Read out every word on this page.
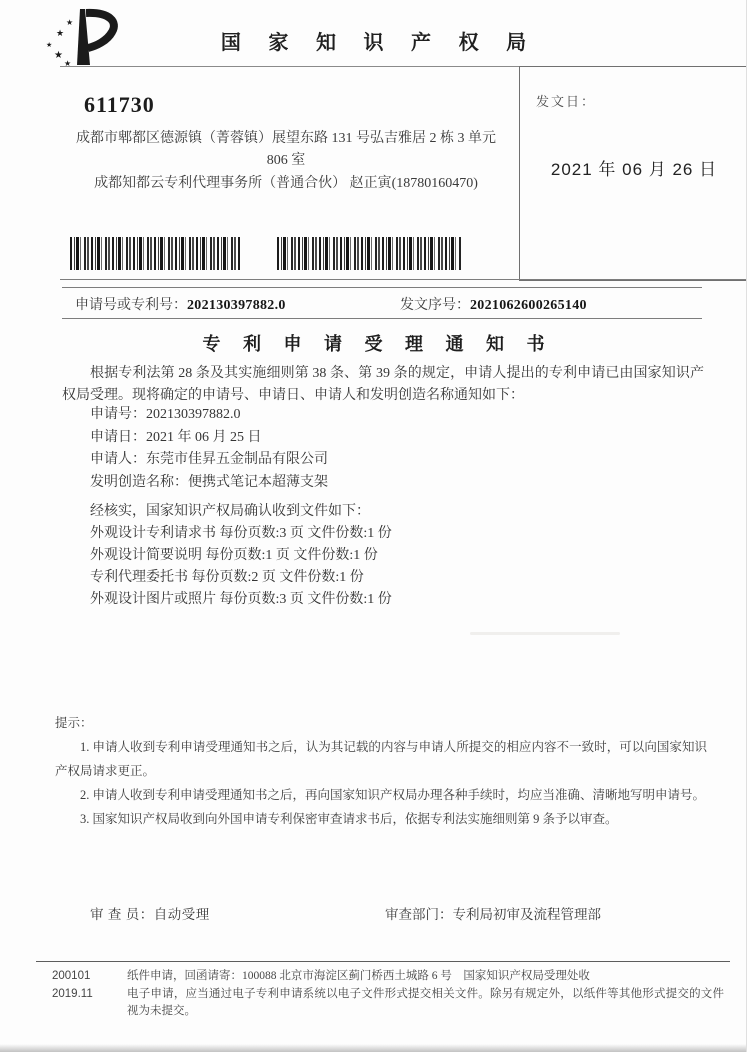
★
★
★
★
★
国 家 知 识 产 权 局
发文日：
2021 年 06 月 26 日
611730
成都市郫都区德源镇（菁蓉镇）展望东路 131 号弘吉雅居 2 栋 3 单元
806 室
成都知都云专利代理事务所（普通合伙） 赵正寅(18780160470)
申请号或专利号：202130397882.0	发文序号：2021062600265140
专 利 申 请 受 理 通 知 书

根据专利法第 28 条及其实施细则第 38 条、第 39 条的规定，申请人提出的专利申请已由国家知识产权局受理。现将确定的申请号、申请日、申请人和发明创造名称通知如下：

申请号：202130397882.0
申请日：2021 年 06 月 25 日
申请人：东莞市佳昇五金制品有限公司
发明创造名称：便携式笔记本超薄支架
经核实，国家知识产权局确认收到文件如下：
外观设计专利请求书 每份页数:3 页 文件份数:1 份
外观设计简要说明 每份页数:1 页 文件份数:1 份
专利代理委托书 每份页数:2 页 文件份数:1 份
外观设计图片或照片 每份页数:3 页 文件份数:1 份
提示：

1. 申请人收到专利申请受理通知书之后，认为其记载的内容与申请人所提交的相应内容不一致时，可以向国家知识产权局请求更正。

2. 申请人收到专利申请受理通知书之后，再向国家知识产权局办理各种手续时，均应当准确、清晰地写明申请号。

3. 国家知识产权局收到向外国申请专利保密审查请求书后，依据专利法实施细则第 9 条予以审查。

审 查 员：自动受理	审查部门：专利局初审及流程管理部
200101
2019.11
纸件申请，回函请寄：100088 北京市海淀区蓟门桥西土城路 6 号　国家知识产权局受理处收
电子申请，应当通过电子专利申请系统以电子文件形式提交相关文件。除另有规定外，以纸件等其他形式提交的文件视为未提交。
